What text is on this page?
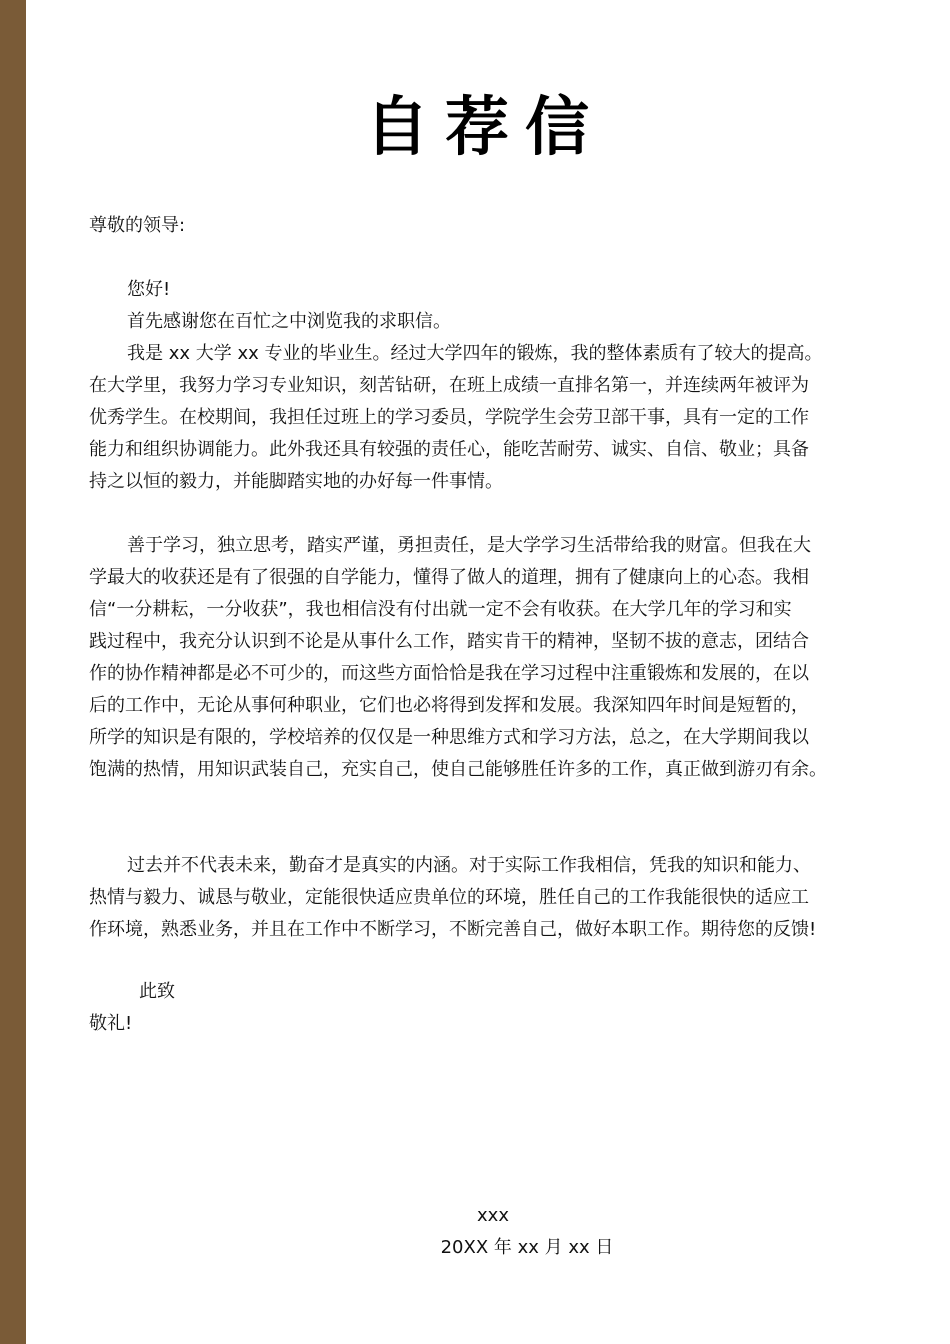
自荐信
尊敬的领导:
您好!
首先感谢您在百忙之中浏览我的求职信。
我是 xx 大学 xx 专业的毕业生。经过大学四年的锻炼，我的整体素质有了较大的提高。
在大学里，我努力学习专业知识，刻苦钻研，在班上成绩一直排名第一，并连续两年被评为
优秀学生。在校期间，我担任过班上的学习委员，学院学生会劳卫部干事，具有一定的工作
能力和组织协调能力。此外我还具有较强的责任心，能吃苦耐劳、诚实、自信、敬业；具备
持之以恒的毅力，并能脚踏实地的办好每一件事情。
善于学习，独立思考，踏实严谨，勇担责任，是大学学习生活带给我的财富。但我在大
学最大的收获还是有了很强的自学能力，懂得了做人的道理，拥有了健康向上的心态。我相
信“一分耕耘，一分收获”，我也相信没有付出就一定不会有收获。在大学几年的学习和实
践过程中，我充分认识到不论是从事什么工作，踏实肯干的精神，坚韧不拔的意志，团结合
作的协作精神都是必不可少的，而这些方面恰恰是我在学习过程中注重锻炼和发展的，在以
后的工作中，无论从事何种职业，它们也必将得到发挥和发展。我深知四年时间是短暂的，
所学的知识是有限的，学校培养的仅仅是一种思维方式和学习方法，总之，在大学期间我以
饱满的热情，用知识武装自己，充实自己，使自己能够胜任许多的工作，真正做到游刃有余。
过去并不代表未来，勤奋才是真实的内涵。对于实际工作我相信，凭我的知识和能力、
热情与毅力、诚恳与敬业，定能很快适应贵单位的环境，胜任自己的工作我能很快的适应工
作环境，熟悉业务，并且在工作中不断学习，不断完善自己，做好本职工作。期待您的反馈!
此致
敬礼!
xxx
20XX 年 xx 月 xx 日
